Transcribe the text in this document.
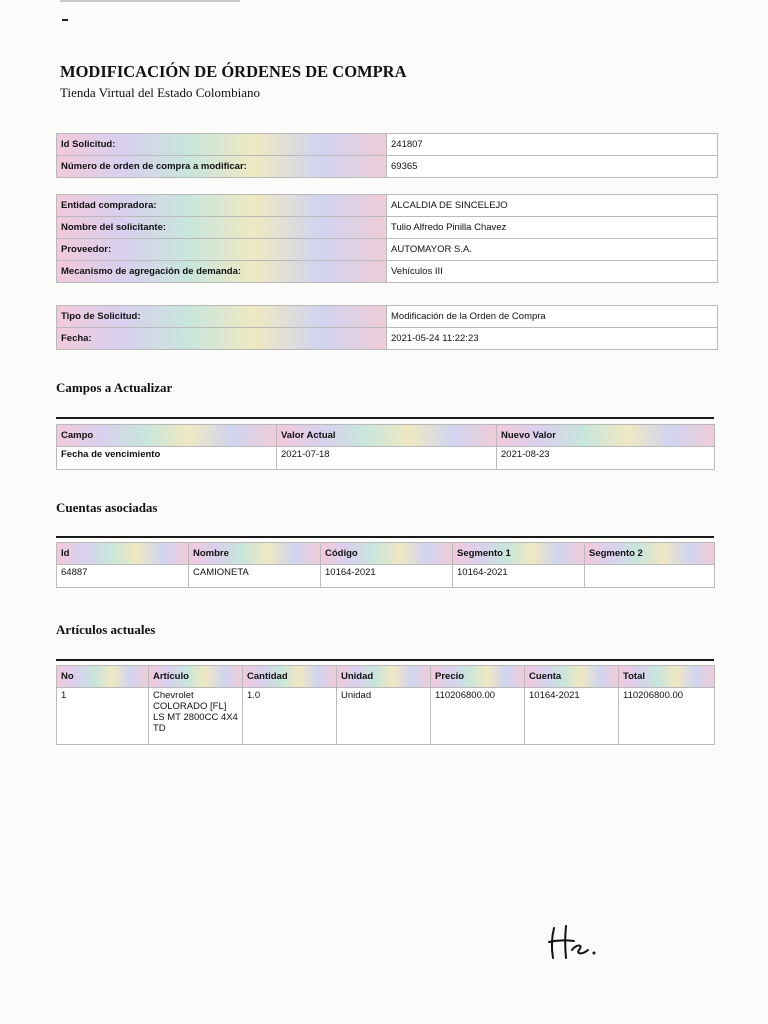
MODIFICACIÓN DE ÓRDENES DE COMPRA
Tienda Virtual del Estado Colombiano
Id Solicitud:	241807
Número de orden de compra a modificar:	69365
Entidad compradora:	ALCALDIA DE SINCELEJO
Nombre del solicitante:	Tulio Alfredo Pinilla Chavez
Proveedor:	AUTOMAYOR S.A.
Mecanismo de agregación de demanda:	Vehículos III
Tipo de Solicitud:	Modificación de la Orden de Compra
Fecha:	2021-05-24 11:22:23
Campos a Actualizar
Campo	Valor Actual	Nuevo Valor
Fecha de vencimiento	2021-07-18	2021-08-23
Cuentas asociadas
Id	Nombre	Código	Segmento 1	Segmento 2
64887	CAMIONETA	10164-2021	10164-2021	
Artículos actuales
No	Artículo	Cantidad	Unidad	Precio	Cuenta	Total
1	Chevrolet COLORADO [FL] LS MT 2800CC 4X4 TD	1.0	Unidad	110206800.00	10164-2021	110206800.00
